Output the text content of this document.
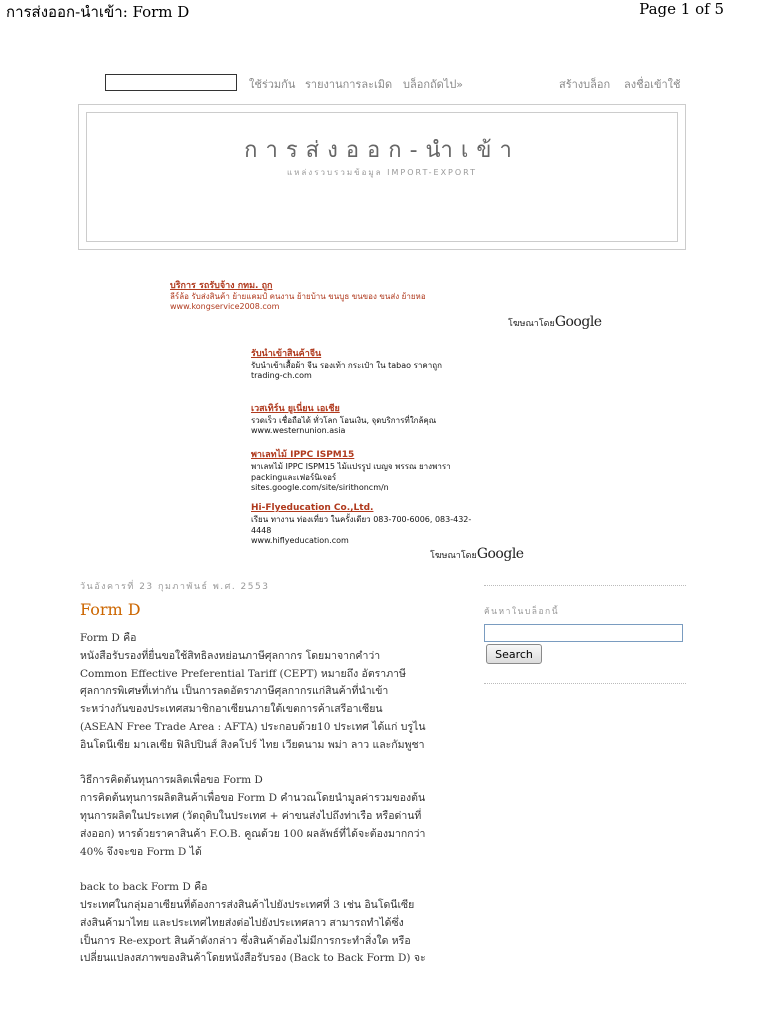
การส่งออก-นำเข้า: Form D	Page 1 of 5
ใช้ร่วมกัน รายงานการละเมิด บล็อกถัดไป»	สร้างบล็อก ลงชื่อเข้าใช้
การส่งออก-นำเข้า
แหล่งรวบรวมข้อมูล IMPORT-EXPORT
บริการ รถรับจ้าง กทม. ถูก
ลีร์ล้อ รับส่งสินค้า ย้ายแคมป์ คนงาน ย้ายบ้าน ขนบูธ ขนของ ขนส่ง ย้ายหอ
www.kongservice2008.com
โฆษณาโดยGoogle
รับนำเข้าสินค้าจีน
รับนำเข้าเสื้อผ้า จีน รองเท้า กระเป๋า ใน tabao ราคาถูก
trading-ch.com
เวสเทิร์น ยูเนี่ยน เอเชีย
รวดเร็ว เชื่อถือได้ ทั่วโลก โอนเงิน, จุดบริการที่ใกล้คุณ
www.westernunion.asia
พาเลทไม้ IPPC ISPM15
พาเลทไม้ IPPC ISPM15 ไม้แปรรูป เบญจ พรรณ ยางพารา
packingและเฟอร์นิเจอร์
sites.google.com/site/sirithoncm/n
Hi-Flyeducation Co.,Ltd.
เรียน ทางาน ท่องเที่ยว ในครั้งเดียว 083-700-6006, 083-432-
4448
www.hiflyeducation.com
โฆษณาโดยGoogle
วันอังคารที่ 23 กุมภาพันธ์ พ.ศ. 2553
Form D
Form D คือ
หนังสือรับรองที่ยื่นขอใช้สิทธิลงหย่อนภาษีศุลกากร โดยมาจากคำว่า
Common Effective Preferential Tariff (CEPT) หมายถึง อัตราภาษี
ศุลกากรพิเศษที่เท่ากัน เป็นการลดอัตราภาษีศุลกากรแก่สินค้าที่นำเข้า
ระหว่างกันของประเทศสมาชิกอาเซียนภายใต้เขตการค้าเสรีอาเซียน
(ASEAN Free Trade Area : AFTA) ประกอบด้วย10 ประเทศ ได้แก่ บรูไน
อินโดนีเซีย มาเลเซีย ฟิลิปปินส์ สิงคโปร์ ไทย เวียดนาม พม่า ลาว และกัมพูชา
วิธีการคิดต้นทุนการผลิตเพื่อขอ Form D
การคิดต้นทุนการผลิตสินค้าเพื่อขอ Form D คำนวณโดยนำมูลค่ารวมของต้น
ทุนการผลิตในประเทศ (วัตถุดิบในประเทศ + ค่าขนส่งไปถึงท่าเรือ หรือด่านที่
ส่งออก) หารด้วยราคาสินค้า F.O.B. คูณด้วย 100 ผลลัพธ์ที่ได้จะต้องมากกว่า
40% จึงจะขอ Form D ได้
back to back Form D คือ
ประเทศในกลุ่มอาเซียนที่ต้องการส่งสินค้าไปยังประเทศที่ 3 เช่น อินโดนีเซีย
ส่งสินค้ามาไทย และประเทศไทยส่งต่อไปยังประเทศลาว สามารถทำได้ซึ่ง
เป็นการ Re-export สินค้าดังกล่าว ซึ่งสินค้าต้องไม่มีการกระทำสิ่งใด หรือ
เปลี่ยนแปลงสภาพของสินค้าโดยหนังสือรับรอง (Back to Back Form D) จะ
ค้นหาในบล็อกนี้
Search
